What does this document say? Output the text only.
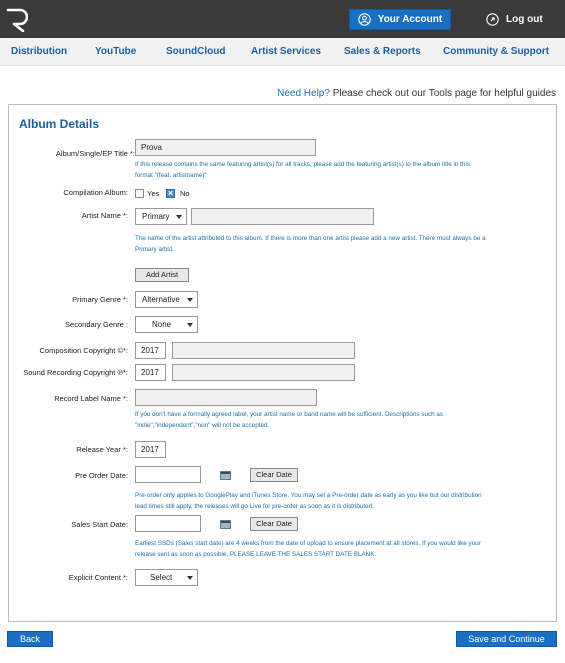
Your Account	Log out
Distribution	YouTube	SoundCloud	Artist Services Sales & Reports Community & Support
Need Help? Please check out our Tools page for helpful guides
Album Details
Album/Single/EP Title *:
Prova
If this release contains the same featuring artist(s) for all tracks, please add the featuring artist(s) to the album title in this
format "(feat. artistname)"
Compilation Album:	Yes × No
Artist Name *:	Primary
The name of the artist attributed to this album. If there is more than one artist please add a new artist. There must always be a
Primary artist.
Add Artist
Primary Genre *:	Alternative
Secondary Genre :	None
Composition Copyright ©*:	2017
Sound Recording Copyright ℗*:	2017
Record Label Name *:
If you don't have a formally agreed label, your artist name or band name will be sufficient. Descriptions such as
"indie","independent","non" will not be accepted.
Release Year *:	2017
Pre Order Date:	Clear Date
Pre-order only applies to GooglePlay and iTunes Store. You may set a Pre-order date as early as you like but our distribution
lead times still apply, the releases will go Live for pre-order as soon as it is distributed.
Sales Start Date:	Clear Date
Earliest SSDs (Sales start date) are 4 weeks from the date of upload to ensure placement at all stores. If you would like your
release sent as soon as possible, PLEASE LEAVE THE SALES START DATE BLANK.
Explicit Content *:	Select
Back	Save and Continue
